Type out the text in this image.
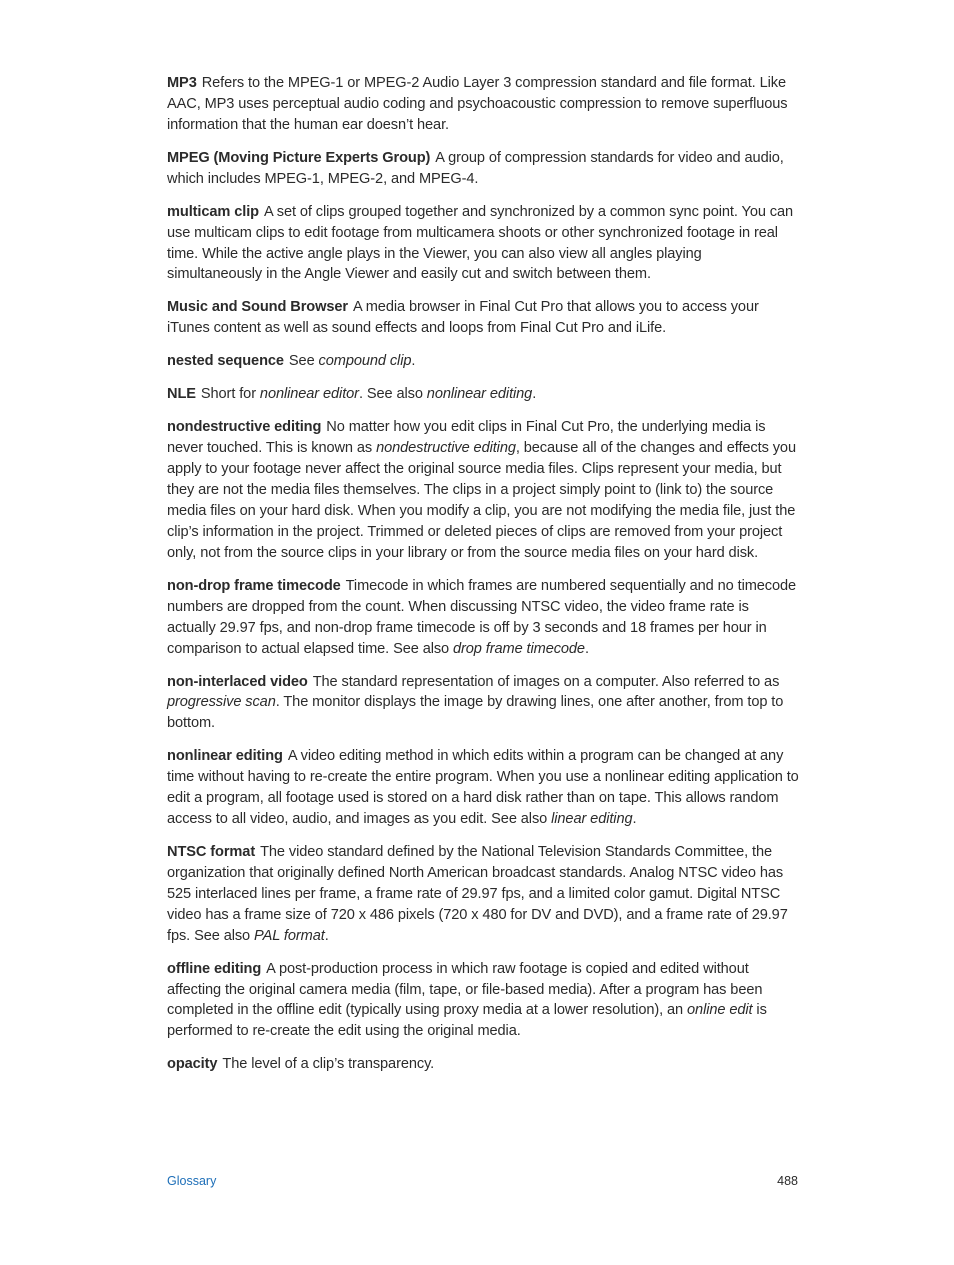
MP3 Refers to the MPEG-1 or MPEG-2 Audio Layer 3 compression standard and file format. Like AAC, MP3 uses perceptual audio coding and psychoacoustic compression to remove superfluous information that the human ear doesn’t hear.

MPEG (Moving Picture Experts Group) A group of compression standards for video and audio, which includes MPEG-1, MPEG-2, and MPEG-4.

multicam clip A set of clips grouped together and synchronized by a common sync point. You can use multicam clips to edit footage from multicamera shoots or other synchronized footage in real time. While the active angle plays in the Viewer, you can also view all angles playing simultaneously in the Angle Viewer and easily cut and switch between them.

Music and Sound Browser A media browser in Final Cut Pro that allows you to access your iTunes content as well as sound effects and loops from Final Cut Pro and iLife.

nested sequence See compound clip.

NLE Short for nonlinear editor. See also nonlinear editing.

nondestructive editing No matter how you edit clips in Final Cut Pro, the underlying media is never touched. This is known as nondestructive editing, because all of the changes and effects you apply to your footage never affect the original source media files. Clips represent your media, but they are not the media files themselves. The clips in a project simply point to (link to) the source media files on your hard disk. When you modify a clip, you are not modifying the media file, just the clip’s information in the project. Trimmed or deleted pieces of clips are removed from your project only, not from the source clips in your library or from the source media files on your hard disk.

non-drop frame timecode Timecode in which frames are numbered sequentially and no timecode numbers are dropped from the count. When discussing NTSC video, the video frame rate is actually 29.97 fps, and non-drop frame timecode is off by 3 seconds and 18 frames per hour in comparison to actual elapsed time. See also drop frame timecode.

non-interlaced video The standard representation of images on a computer. Also referred to as progressive scan. The monitor displays the image by drawing lines, one after another, from top to bottom.

nonlinear editing A video editing method in which edits within a program can be changed at any time without having to re-create the entire program. When you use a nonlinear editing application to edit a program, all footage used is stored on a hard disk rather than on tape. This allows random access to all video, audio, and images as you edit. See also linear editing.

NTSC format The video standard defined by the National Television Standards Committee, the organization that originally defined North American broadcast standards. Analog NTSC video has 525 interlaced lines per frame, a frame rate of 29.97 fps, and a limited color gamut. Digital NTSC video has a frame size of 720 x 486 pixels (720 x 480 for DV and DVD), and a frame rate of 29.97 fps. See also PAL format.

offline editing A post-production process in which raw footage is copied and edited without affecting the original camera media (film, tape, or file-based media). After a program has been completed in the offline edit (typically using proxy media at a lower resolution), an online edit is performed to re-create the edit using the original media.

opacity The level of a clip’s transparency.

Glossary	488
